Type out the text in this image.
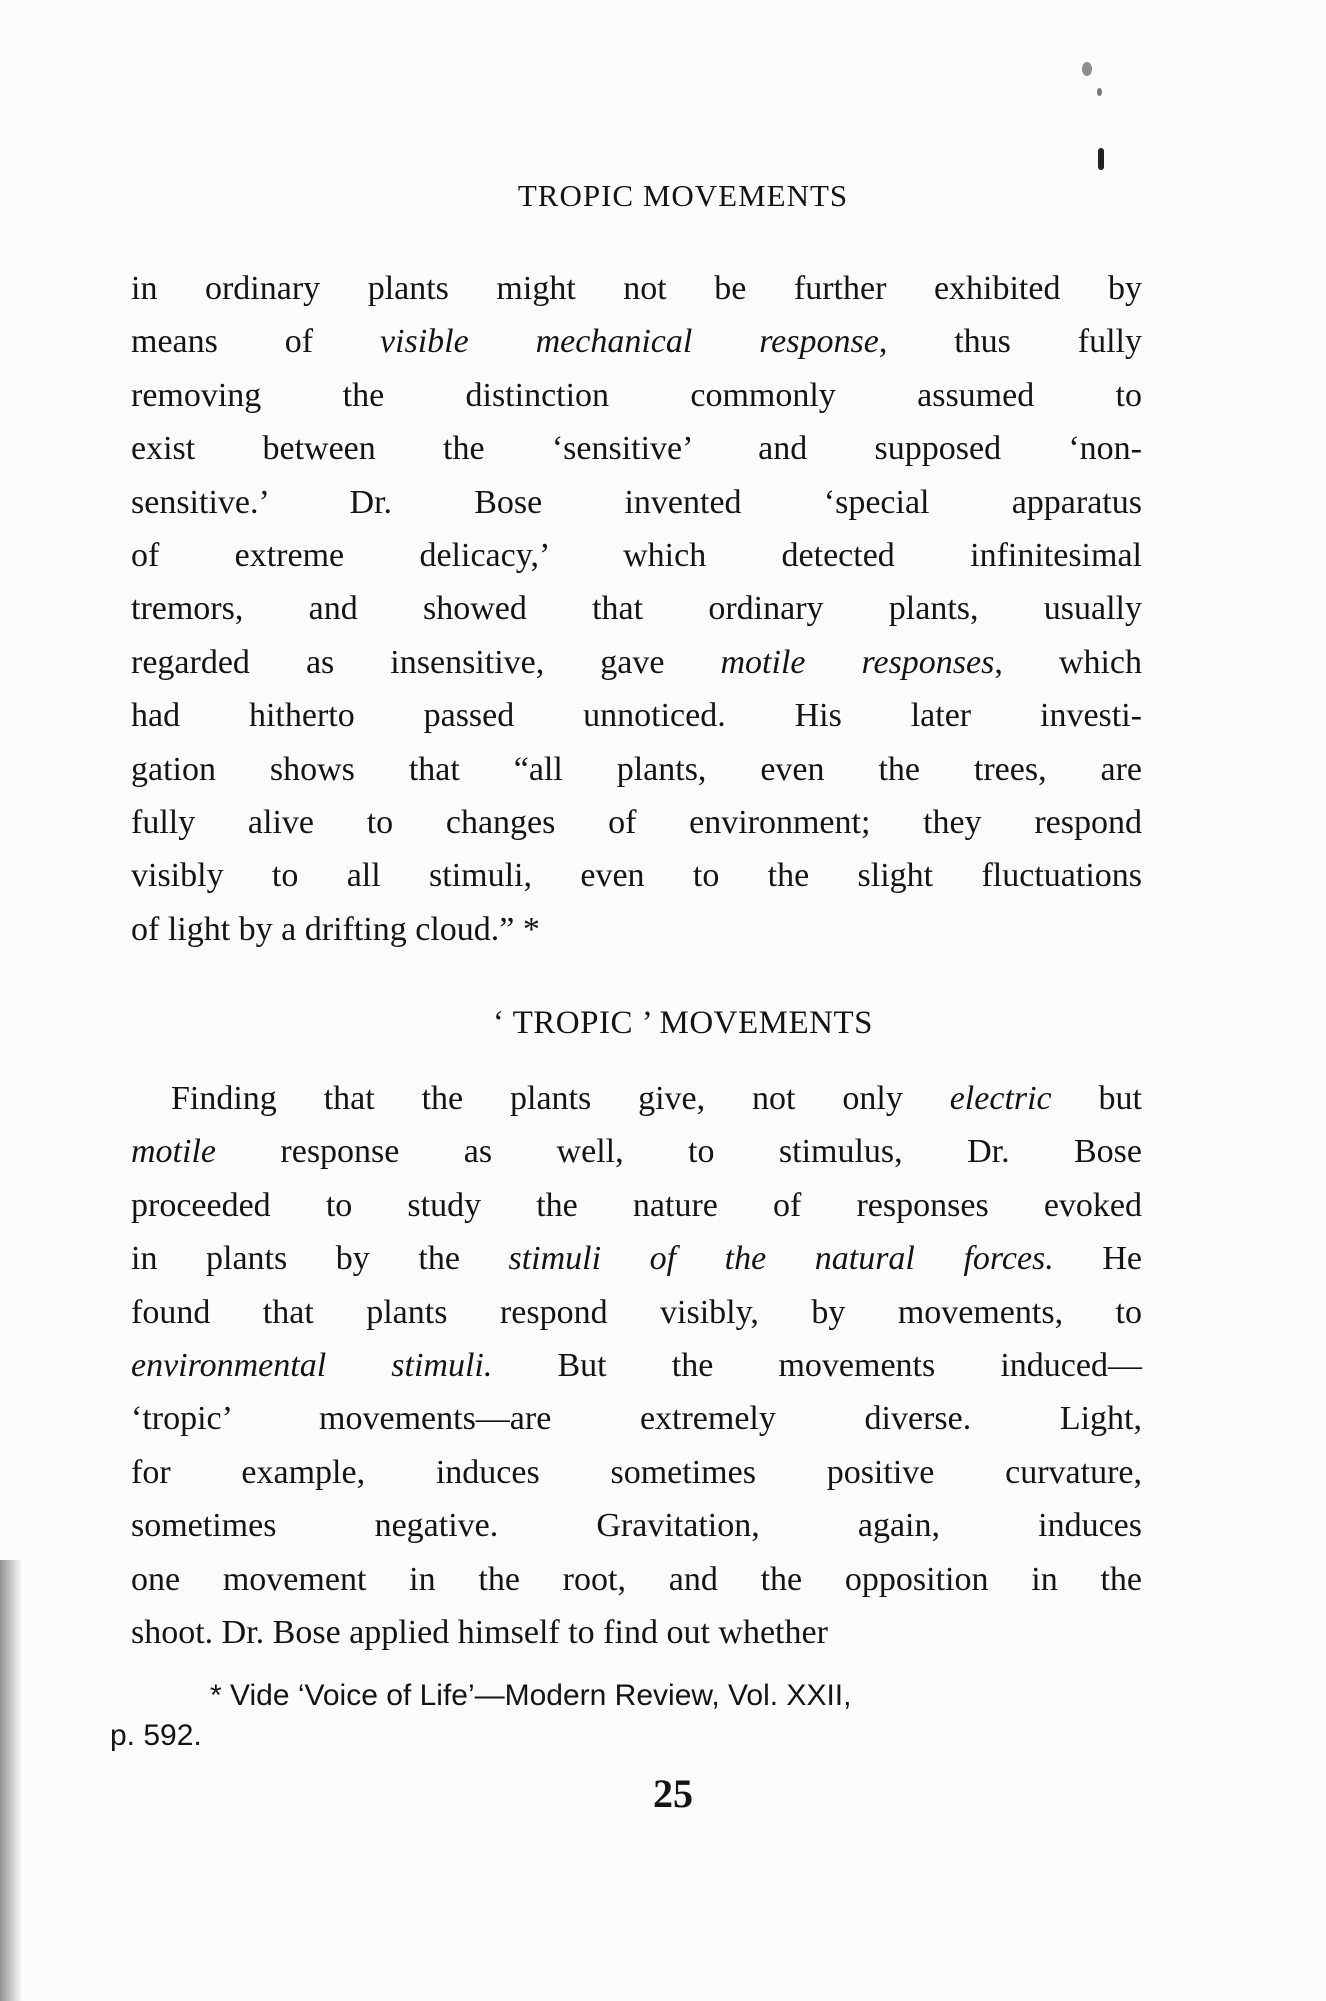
TROPIC MOVEMENTS
in ordinary plants might not be further exhibited by
means of visible mechanical response, thus fully
removing the distinction commonly assumed to
exist between the ‘sensitive’ and supposed ‘non-
sensitive.’ Dr. Bose invented ‘special apparatus
of extreme delicacy,’ which detected infinitesimal
tremors, and showed that ordinary plants, usually
regarded as insensitive, gave motile responses, which
had hitherto passed unnoticed. His later investi-
gation shows that “all plants, even the trees, are
fully alive to changes of environment; they respond
visibly to all stimuli, even to the slight fluctuations
of light by a drifting cloud.” *
‘ TROPIC ’ MOVEMENTS
Finding that the plants give, not only electric but
motile response as well, to stimulus, Dr. Bose
proceeded to study the nature of responses evoked
in plants by the stimuli of the natural forces. He
found that plants respond visibly, by movements, to
environmental stimuli. But the movements induced—
‘tropic’ movements—are extremely diverse. Light,
for example, induces sometimes positive curvature,
sometimes negative. Gravitation, again, induces
one movement in the root, and the opposition in the
shoot. Dr. Bose applied himself to find out whether
* Vide ‘Voice of Life’—Modern Review, Vol. XXII,
p. 592.
25
